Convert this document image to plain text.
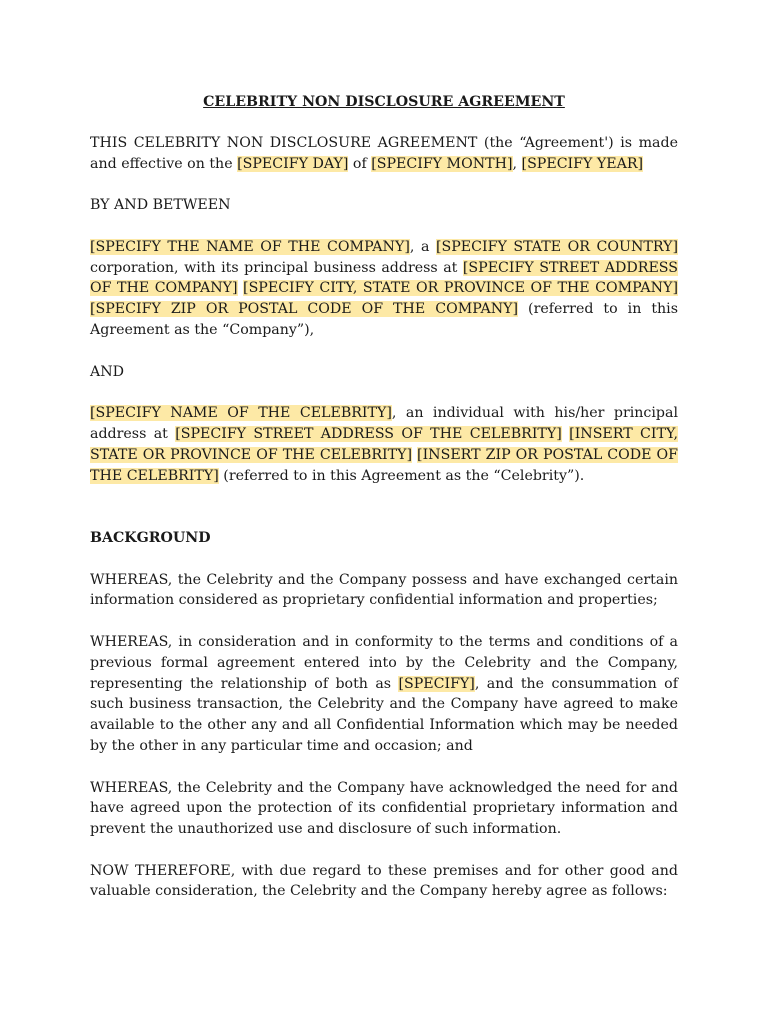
CELEBRITY NON DISCLOSURE AGREEMENT

THIS CELEBRITY NON DISCLOSURE AGREEMENT (the “Agreement') is made and effective on the [SPECIFY DAY] of [SPECIFY MONTH], [SPECIFY YEAR]

BY AND BETWEEN

[SPECIFY THE NAME OF THE COMPANY], a [SPECIFY STATE OR COUNTRY] corporation, with its principal business address at [SPECIFY STREET ADDRESS OF THE COMPANY] [SPECIFY CITY, STATE OR PROVINCE OF THE COMPANY] [SPECIFY ZIP OR POSTAL CODE OF THE COMPANY] (referred to in this Agreement as the “Company”),

AND

[SPECIFY NAME OF THE CELEBRITY], an individual with his/her principal address at [SPECIFY STREET ADDRESS OF THE CELEBRITY] [INSERT CITY, STATE OR PROVINCE OF THE CELEBRITY] [INSERT ZIP OR POSTAL CODE OF THE CELEBRITY] (referred to in this Agreement as the “Celebrity”).

BACKGROUND

WHEREAS, the Celebrity and the Company possess and have exchanged certain information considered as proprietary confidential information and properties;

WHEREAS, in consideration and in conformity to the terms and conditions of a previous formal agreement entered into by the Celebrity and the Company, representing the relationship of both as [SPECIFY], and the consummation of such business transaction, the Celebrity and the Company have agreed to make available to the other any and all Confidential Information which may be needed by the other in any particular time and occasion; and

WHEREAS, the Celebrity and the Company have acknowledged the need for and have agreed upon the protection of its confidential proprietary information and prevent the unauthorized use and disclosure of such information.

NOW THEREFORE, with due regard to these premises and for other good and valuable consideration, the Celebrity and the Company hereby agree as follows:
